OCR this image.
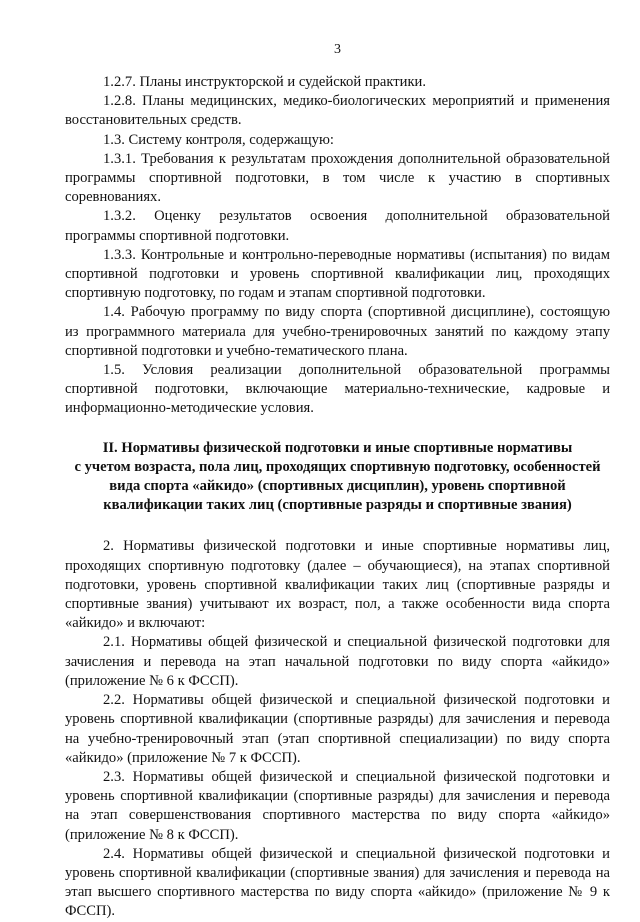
3

1.2.7. Планы инструкторской и судейской практики.

1.2.8. Планы медицинских, медико-биологических мероприятий и применения восстановительных средств.

1.3. Систему контроля, содержащую:

1.3.1. Требования к результатам прохождения дополнительной образовательной программы спортивной подготовки, в том числе к участию в спортивных соревнованиях.

1.3.2. Оценку результатов освоения дополнительной образовательной программы спортивной подготовки.

1.3.3. Контрольные и контрольно-переводные нормативы (испытания) по видам спортивной подготовки и уровень спортивной квалификации лиц, проходящих спортивную подготовку, по годам и этапам спортивной подготовки.

1.4. Рабочую программу по виду спорта (спортивной дисциплине), состоящую из программного материала для учебно-тренировочных занятий по каждому этапу спортивной подготовки и учебно-тематического плана.

1.5. Условия реализации дополнительной образовательной программы спортивной подготовки, включающие материально-технические, кадровые и информационно-методические условия.

II. Нормативы физической подготовки и иные спортивные нормативы
с учетом возраста, пола лиц, проходящих спортивную подготовку, особенностей
вида спорта «айкидо» (спортивных дисциплин), уровень спортивной
квалификации таких лиц (спортивные разряды и спортивные звания)

2. Нормативы физической подготовки и иные спортивные нормативы лиц, проходящих спортивную подготовку (далее – обучающиеся), на этапах спортивной подготовки, уровень спортивной квалификации таких лиц (спортивные разряды и спортивные звания) учитывают их возраст, пол, а также особенности вида спорта «айкидо» и включают:

2.1. Нормативы общей физической и специальной физической подготовки для зачисления и перевода на этап начальной подготовки по виду спорта «айкидо» (приложение № 6 к ФССП).

2.2. Нормативы общей физической и специальной физической подготовки и уровень спортивной квалификации (спортивные разряды) для зачисления и перевода на учебно-тренировочный этап (этап спортивной специализации) по виду спорта «айкидо» (приложение № 7 к ФССП).

2.3. Нормативы общей физической и специальной физической подготовки и уровень спортивной квалификации (спортивные разряды) для зачисления и перевода на этап совершенствования спортивного мастерства по виду спорта «айкидо» (приложение № 8 к ФССП).

2.4. Нормативы общей физической и специальной физической подготовки и уровень спортивной квалификации (спортивные звания) для зачисления и перевода на этап высшего спортивного мастерства по виду спорта «айкидо» (приложение № 9 к ФССП).
